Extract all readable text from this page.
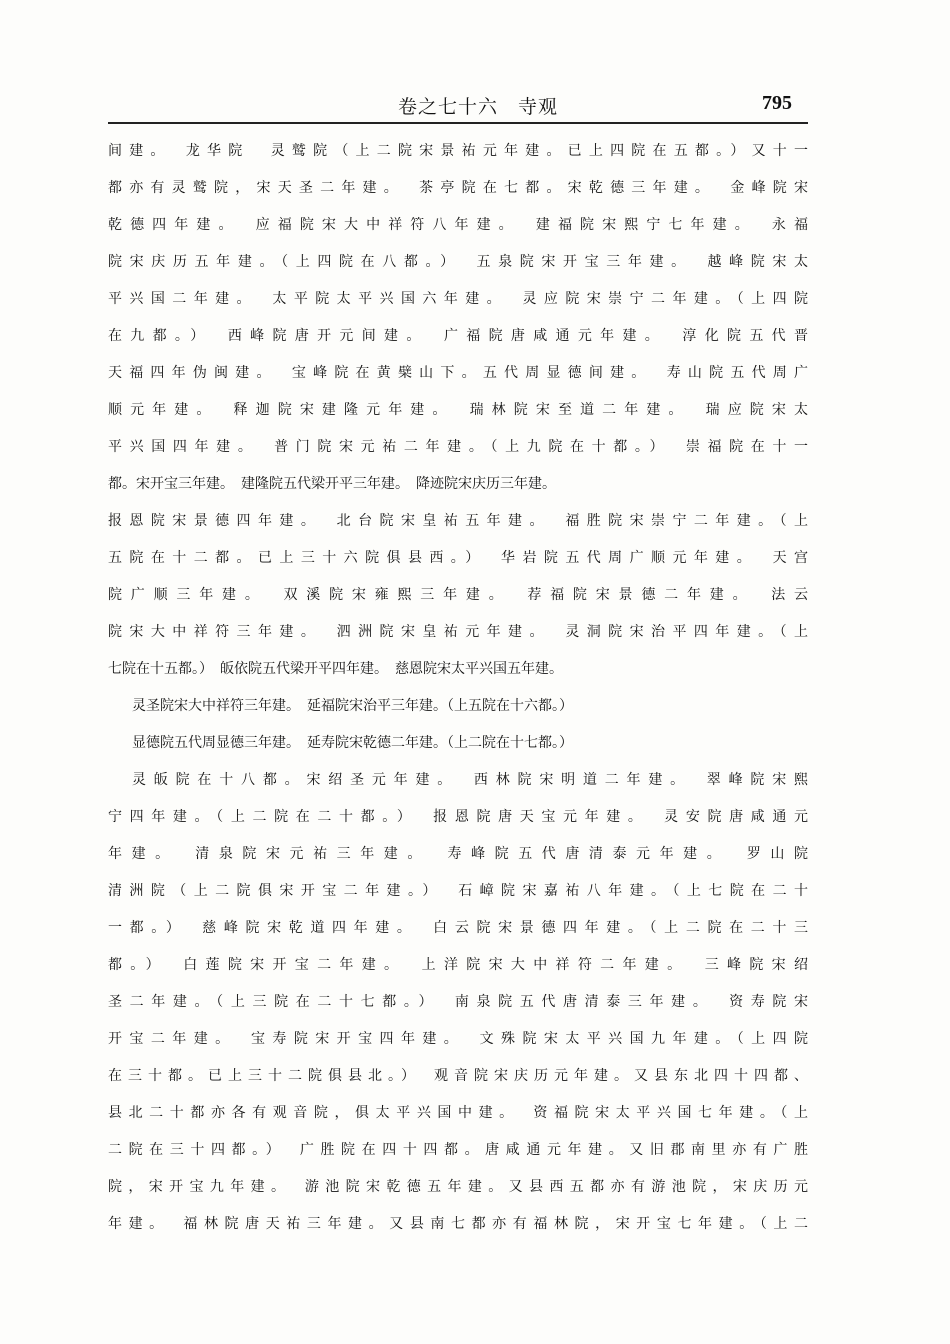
卷之七十六　寺观	795
间建。　龙华院　灵鹫院（上二院宋景祐元年建。已上四院在五都。）又十一
都亦有灵鹫院，宋天圣二年建。　茶亭院在七都。宋乾德三年建。　金峰院宋
乾德四年建。　应福院宋大中祥符八年建。　建福院宋熙宁七年建。　永福
院宋庆历五年建。（上四院在八都。）　五泉院宋开宝三年建。　越峰院宋太
平兴国二年建。　太平院太平兴国六年建。　灵应院宋崇宁二年建。（上四院
在九都。）　西峰院唐开元间建。　广福院唐咸通元年建。　淳化院五代晋
天福四年伪闽建。　宝峰院在黄檗山下。五代周显德间建。　寿山院五代周广
顺元年建。　释迦院宋建隆元年建。　瑞林院宋至道二年建。　瑞应院宋太
平兴国四年建。　普门院宋元祐二年建。（上九院在十都。）　崇福院在十一
都。宋开宝三年建。　建隆院五代梁开平三年建。　降迹院宋庆历三年建。
报恩院宋景德四年建。　北台院宋皇祐五年建。　福胜院宋崇宁二年建。（上
五院在十二都。已上三十六院俱县西。）　华岩院五代周广顺元年建。　天宫
院广顺三年建。　双溪院宋雍熙三年建。　荐福院宋景德二年建。　法云
院宋大中祥符三年建。　泗洲院宋皇祐元年建。　灵洞院宋治平四年建。（上
七院在十五都。）　皈依院五代梁开平四年建。　慈恩院宋太平兴国五年建。
灵圣院宋大中祥符三年建。　延福院宋治平三年建。（上五院在十六都。）
显德院五代周显德三年建。　延寿院宋乾德二年建。（上二院在十七都。）
灵皈院在十八都。宋绍圣元年建。　西林院宋明道二年建。　翠峰院宋熙
宁四年建。（上二院在二十都。）　报恩院唐天宝元年建。　灵安院唐咸通元
年建。　清泉院宋元祐三年建。　寿峰院五代唐清泰元年建。　罗山院
清洲院（上二院俱宋开宝二年建。）　石嶂院宋嘉祐八年建。（上七院在二十
一都。）　慈峰院宋乾道四年建。　白云院宋景德四年建。（上二院在二十三
都。）　白莲院宋开宝二年建。　上洋院宋大中祥符二年建。　三峰院宋绍
圣二年建。（上三院在二十七都。）　南泉院五代唐清泰三年建。　资寿院宋
开宝二年建。　宝寿院宋开宝四年建。　文殊院宋太平兴国九年建。（上四院
在三十都。已上三十二院俱县北。）　观音院宋庆历元年建。又县东北四十四都、
县北二十都亦各有观音院，俱太平兴国中建。　资福院宋太平兴国七年建。（上
二院在三十四都。）　广胜院在四十四都。唐咸通元年建。又旧郡南里亦有广胜
院，宋开宝九年建。　游池院宋乾德五年建。又县西五都亦有游池院，宋庆历元
年建。　福林院唐天祐三年建。又县南七都亦有福林院，宋开宝七年建。（上二
